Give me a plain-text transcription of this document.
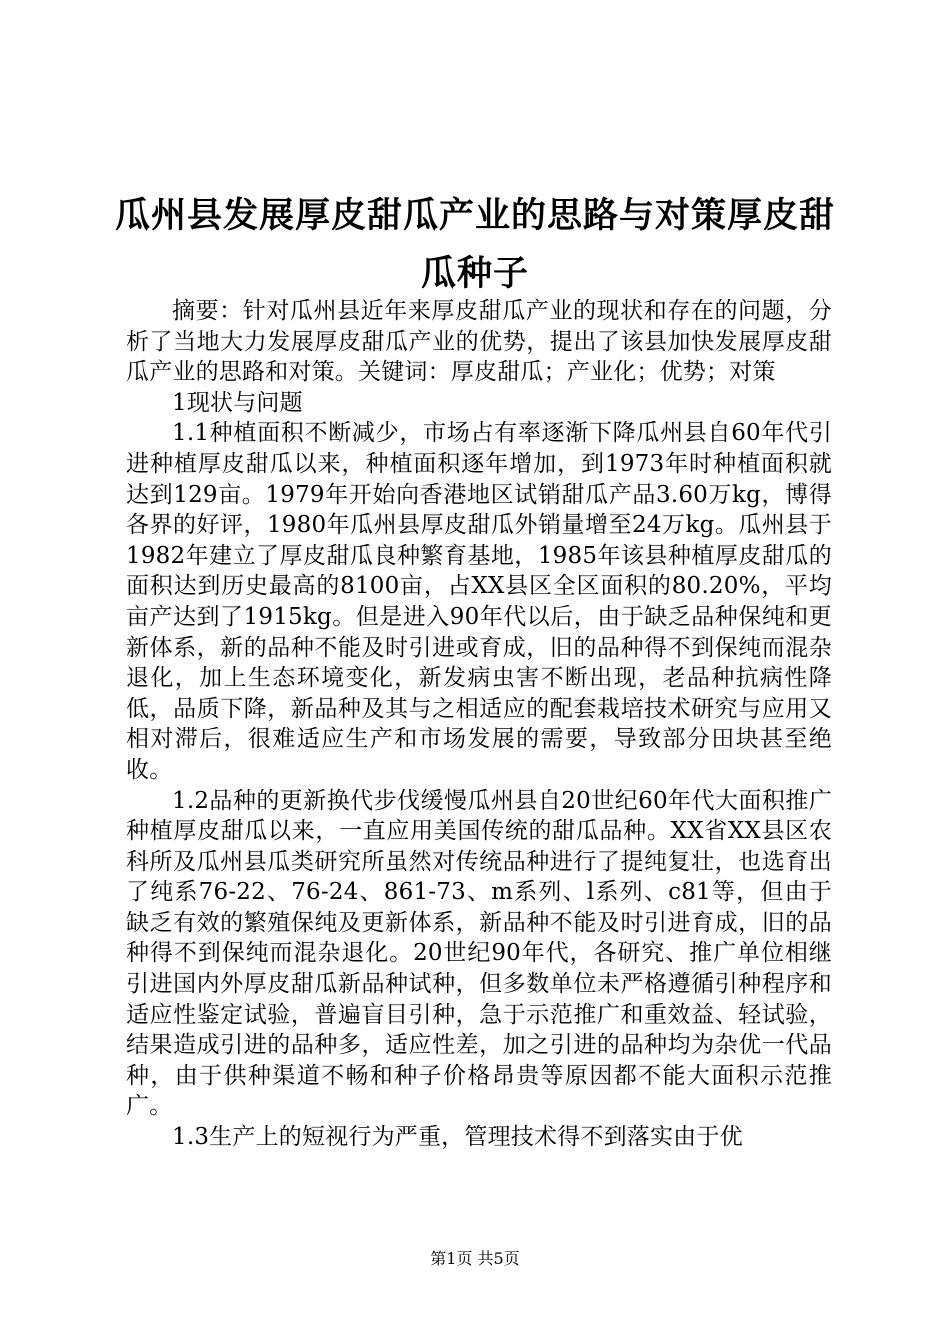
瓜州县发展厚皮甜瓜产业的思路与对策厚皮甜
瓜种子

摘要：针对瓜州县近年来厚皮甜瓜产业的现状和存在的问题，分析了当地大力发展厚皮甜瓜产业的优势，提出了该县加快发展厚皮甜瓜产业的思路和对策。关键词：厚皮甜瓜；产业化；优势；对策

1现状与问题

1.1种植面积不断减少，市场占有率逐渐下降瓜州县自60年代引进种植厚皮甜瓜以来，种植面积逐年增加，到1973年时种植面积就达到129亩。1979年开始向香港地区试销甜瓜产品3.60万kg，博得各界的好评，1980年瓜州县厚皮甜瓜外销量增至24万kg。瓜州县于1982年建立了厚皮甜瓜良种繁育基地，1985年该县种植厚皮甜瓜的面积达到历史最高的8100亩，占XX县区全区面积的80.20%，平均亩产达到了1915kg。但是进入90年代以后，由于缺乏品种保纯和更新体系，新的品种不能及时引进或育成，旧的品种得不到保纯而混杂退化，加上生态环境变化，新发病虫害不断出现，老品种抗病性降低，品质下降，新品种及其与之相适应的配套栽培技术研究与应用又相对滞后，很难适应生产和市场发展的需要，导致部分田块甚至绝收。

1.2品种的更新换代步伐缓慢瓜州县自20世纪60年代大面积推广种植厚皮甜瓜以来，一直应用美国传统的甜瓜品种。XX省XX县区农科所及瓜州县瓜类研究所虽然对传统品种进行了提纯复壮，也选育出了纯系76-22、76-24、861-73、m系列、l系列、c81等，但由于缺乏有效的繁殖保纯及更新体系，新品种不能及时引进育成，旧的品种得不到保纯而混杂退化。20世纪90年代，各研究、推广单位相继引进国内外厚皮甜瓜新品种试种，但多数单位未严格遵循引种程序和适应性鉴定试验，普遍盲目引种，急于示范推广和重效益、轻试验，结果造成引进的品种多，适应性差，加之引进的品种均为杂优一代品种，由于供种渠道不畅和种子价格昂贵等原因都不能大面积示范推广。

1.3生产上的短视行为严重，管理技术得不到落实由于优

第1页 共5页
